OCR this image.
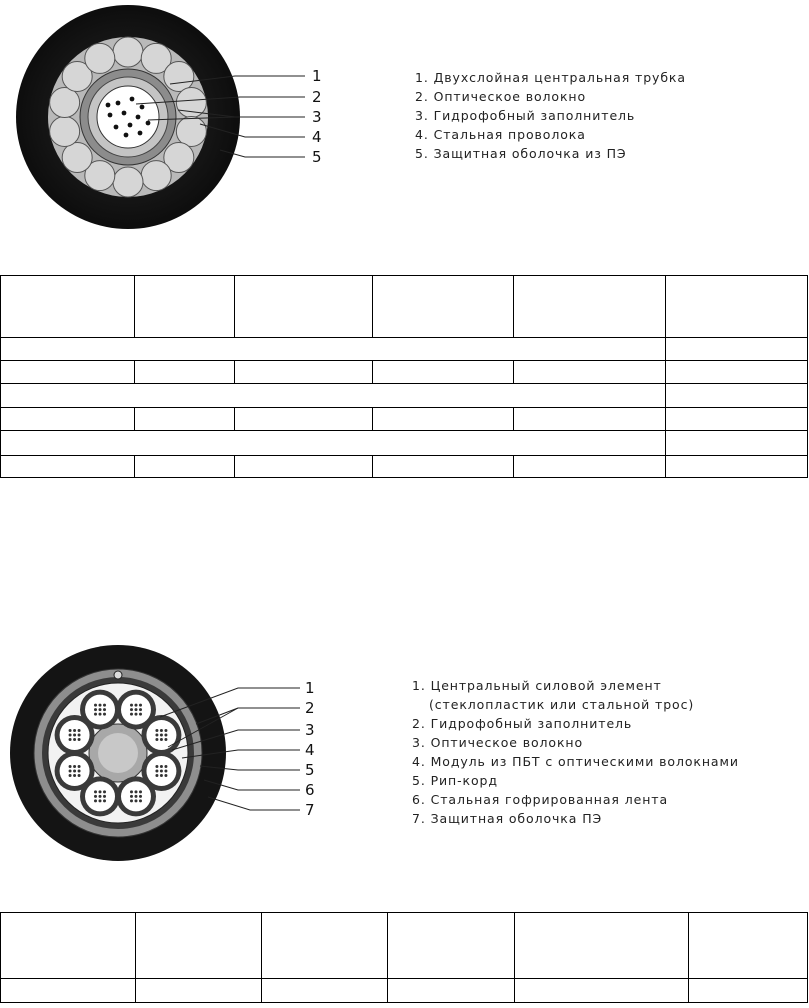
1
2
3
4
5
1. Двухслойная центральная трубка
2. Оптическое волокно
3. Гидрофобный заполнитель
4. Стальная проволока
5. Защитная оболочка из ПЭ

1
2
3
4
5
6
7
1. Центральный силовой элемент
(стеклопластик или стальной трос)
2. Гидрофобный заполнитель
3. Оптическое волокно
4. Модуль из ПБТ с оптическими волокнами
5. Рип-корд
6. Стальная гофрированная лента
7. Защитная оболочка ПЭ
